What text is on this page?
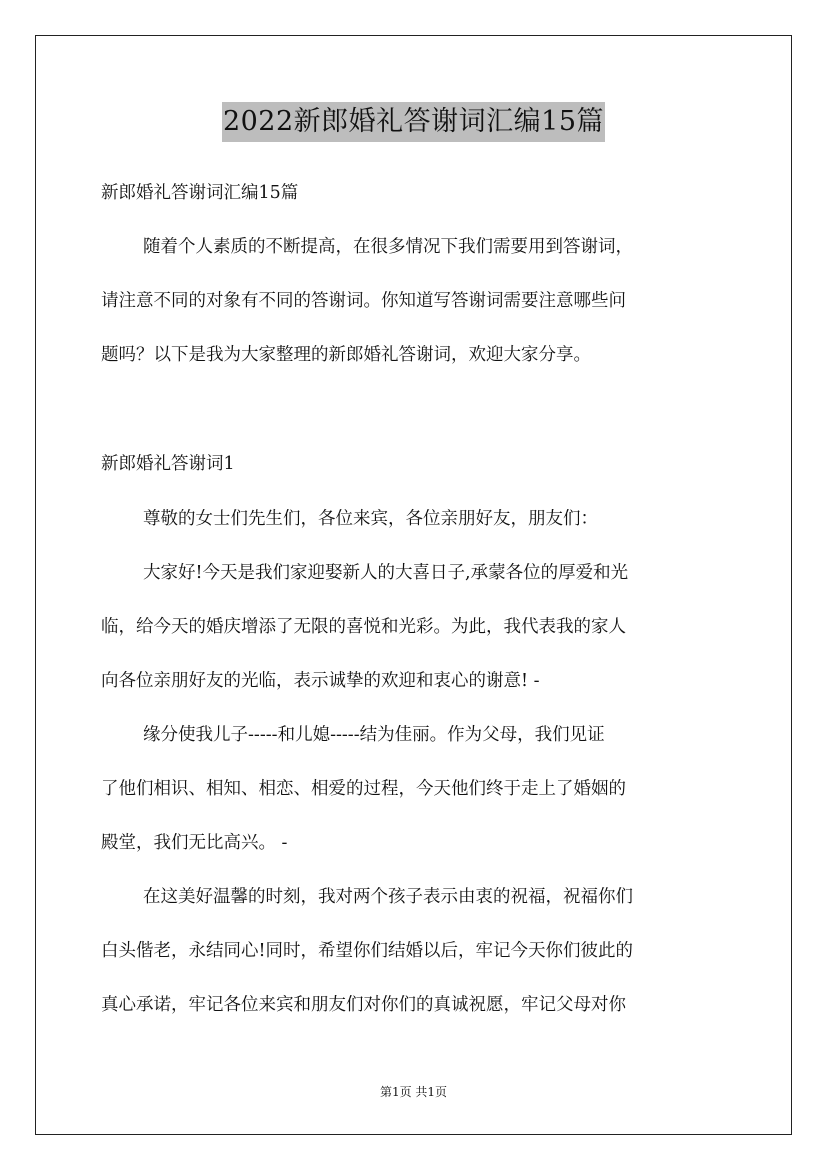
2022新郎婚礼答谢词汇编15篇
新郎婚礼答谢词汇编15篇
随着个人素质的不断提高，在很多情况下我们需要用到答谢词，
请注意不同的对象有不同的答谢词。你知道写答谢词需要注意哪些问
题吗？以下是我为大家整理的新郎婚礼答谢词，欢迎大家分享。
新郎婚礼答谢词1
尊敬的女士们先生们，各位来宾，各位亲朋好友，朋友们：
大家好!今天是我们家迎娶新人的大喜日子,承蒙各位的厚爱和光
临，给今天的婚庆增添了无限的喜悦和光彩。为此，我代表我的家人
向各位亲朋好友的光临，表示诚挚的欢迎和衷心的谢意! -
缘分使我儿子-----和儿媳-----结为佳丽。作为父母，我们见证
了他们相识、相知、相恋、相爱的过程，今天他们终于走上了婚姻的
殿堂，我们无比高兴。 -
在这美好温馨的时刻，我对两个孩子表示由衷的祝福，祝福你们
白头偕老，永结同心!同时，希望你们结婚以后，牢记今天你们彼此的
真心承诺，牢记各位来宾和朋友们对你们的真诚祝愿，牢记父母对你
第1页 共1页
